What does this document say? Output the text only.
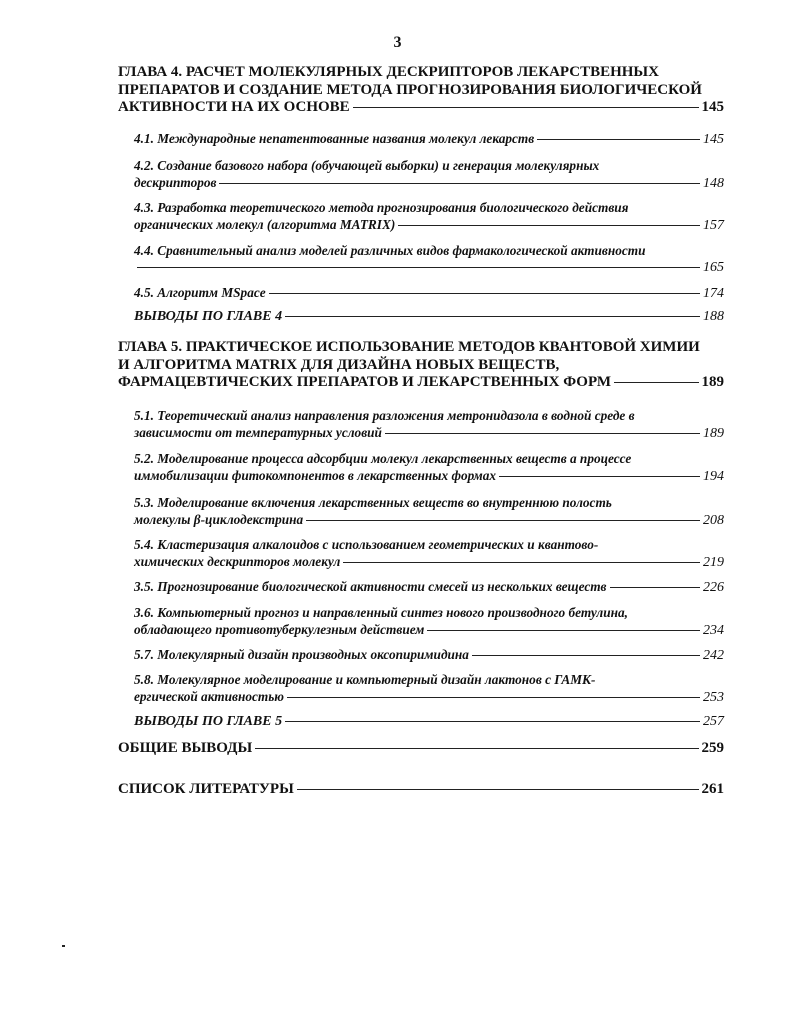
3
ГЛАВА 4. РАСЧЕТ МОЛЕКУЛЯРНЫХ ДЕСКРИПТОРОВ ЛЕКАРСТВЕННЫХ
ПРЕПАРАТОВ И СОЗДАНИЕ МЕТОДА ПРОГНОЗИРОВАНИЯ БИОЛОГИЧЕСКОЙ
АКТИВНОСТИ НА ИХ ОСНОВЕ	145
4.1. Международные непатентованные названия молекул лекарств	145
4.2. Создание базового набора (обучающей выборки) и генерация молекулярных
дескрипторов	148
4.3. Разработка теоретического метода прогнозирования биологического действия
органических молекул (алгоритма MATRIX)	157
4.4. Сравнительный анализ моделей различных видов фармакологической активности
165
4.5. Алгоритм MSpace	174
ВЫВОДЫ ПО ГЛАВЕ 4	188
ГЛАВА 5. ПРАКТИЧЕСКОЕ ИСПОЛЬЗОВАНИЕ МЕТОДОВ КВАНТОВОЙ ХИМИИ
И АЛГОРИТМА MATRIX ДЛЯ ДИЗАЙНА НОВЫХ ВЕЩЕСТВ,
ФАРМАЦЕВТИЧЕСКИХ ПРЕПАРАТОВ И ЛЕКАРСТВЕННЫХ ФОРМ	189
5.1. Теоретический анализ направления разложения метронидазола в водной среде в
зависимости от температурных условий	189
5.2. Моделирование процесса адсорбции молекул лекарственных веществ а процессе
иммобилизации фитокомпонентов в лекарственных формах	194
5.3. Моделирование включения лекарственных веществ во внутреннюю полость
молекулы β-циклодекстрина	208
5.4. Кластеризация алкалоидов с использованием геометрических и квантово-
химических дескрипторов молекул	219
3.5. Прогнозирование биологической активности смесей из нескольких веществ	226
3.6. Компьютерный прогноз и направленный синтез нового производного бетулина,
обладающего противотуберкулезным действием	234
5.7. Молекулярный дизайн производных оксопиримидина	242
5.8. Молекулярное моделирование и компьютерный дизайн лактонов с ГАМК-
ергической активностью	253
ВЫВОДЫ ПО ГЛАВЕ 5	257
ОБЩИЕ ВЫВОДЫ	259
СПИСОК ЛИТЕРАТУРЫ	261
